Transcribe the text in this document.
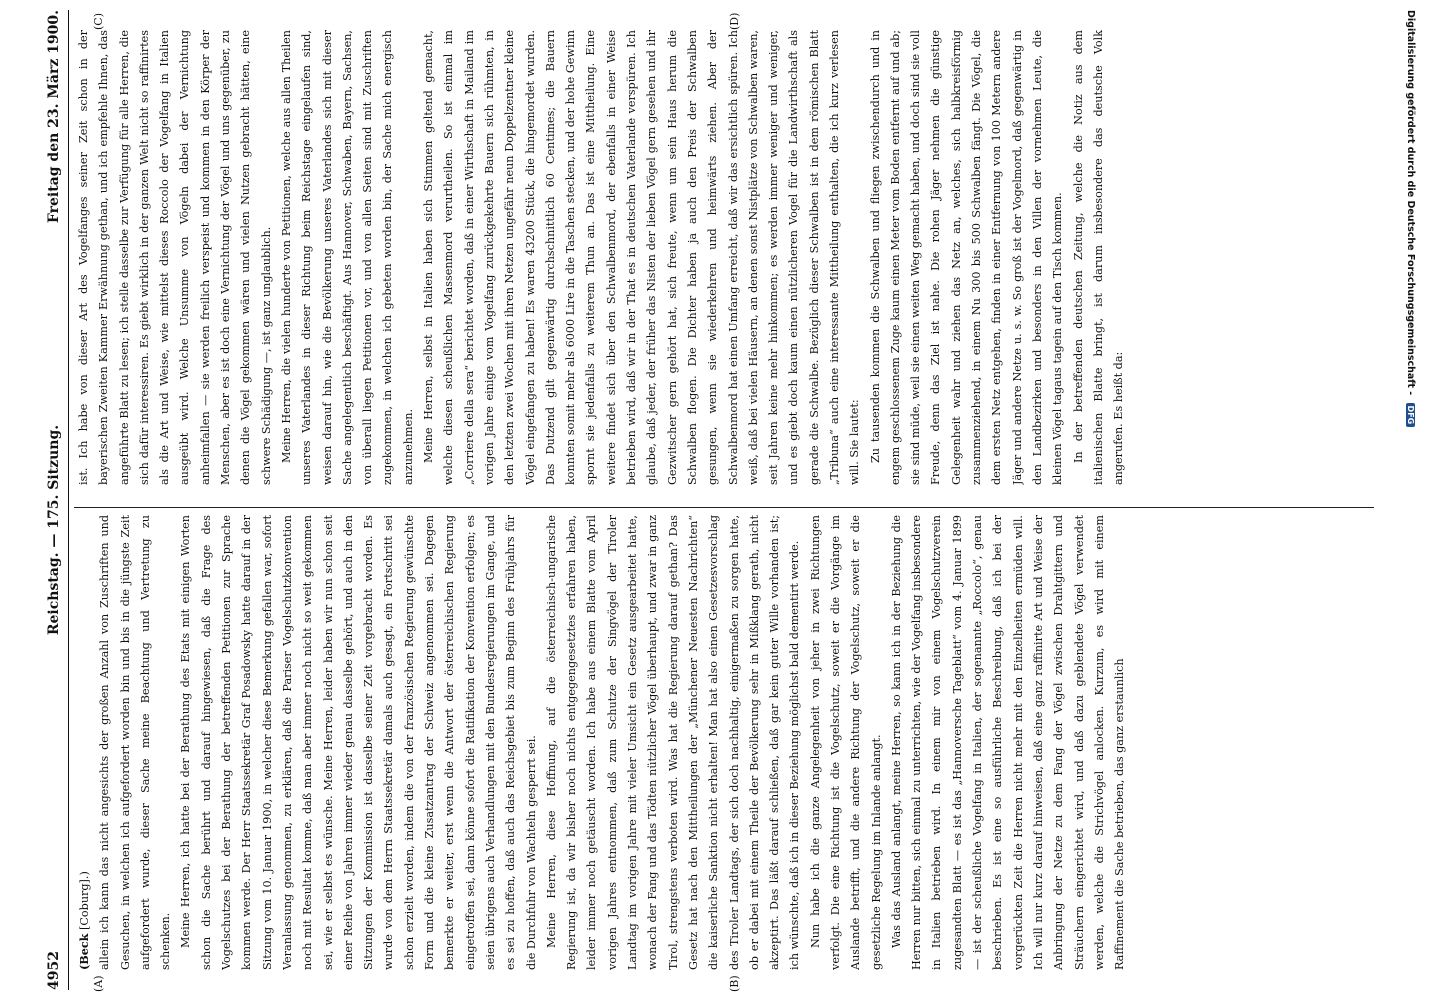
4952
Reichstag. — 175. Sitzung.
Freitag den 23. März 1900.
(A)	(B)
(C)	(D)

(Beck [Coburg].) allein ich kann das nicht angesichts der großen Anzahl von Zuschriften und Gesuchen, in welchen ich aufgefordert worden bin und bis in die jüngste Zeit aufgefordert wurde, dieser Sache meine Beachtung und Vertretung zu schenken. Meine Herren, ich hatte bei der Berathung des Etats mit einigen Worten schon die Sache berührt und darauf hingewiesen, daß die Frage des Vogelschutzes bei der Berathung der betreffenden Petitionen zur Sprache kommen werde. Der Herr Staatssekretär Graf Posadowsky hatte darauf in der Sitzung vom 10. Januar 1900, in welcher diese Bemerkung gefallen war, sofort Veranlassung genommen, zu erklären, daß die Pariser Vogelschutzkonvention noch mit Resultat komme, daß man aber immer noch nicht so weit gekommen sei, wie er selbst es wünsche. Meine Herren, leider haben wir nun schon seit einer Reihe von Jahren immer wieder genau dasselbe gehört, und auch in den Sitzungen der Kommission ist dasselbe seiner Zeit vorgebracht worden. Es wurde von dem Herrn Staatssekretär damals auch gesagt, ein Fortschritt sei schon erzielt worden, indem die von der französischen Regierung gewünschte Form und die kleine Zusatzantrag der Schweiz angenommen sei. Dagegen bemerkte er weiter, erst wenn die Antwort der österreichischen Regierung eingetroffen sei, dann könne sofort die Ratifikation der Konvention erfolgen; es seien übrigens auch Verhandlungen mit den Bundesregierungen im Gange, und es sei zu hoffen, daß auch das Reichsgebiet bis zum Beginn des Frühjahrs für die Durchfuhr von Wachteln gesperrt sei. Meine Herren, diese Hoffnung, auf die österreichisch-ungarische Regierung ist, da wir bisher noch nichts entgegengesetztes erfahren haben, leider immer noch getäuscht worden. Ich habe aus einem Blatte vom April vorigen Jahres entnommen, daß zum Schutze der Singvögel der Tiroler Landtag im vorigen Jahre mit vieler Umsicht ein Gesetz ausgearbeitet hatte, wonach der Fang und das Tödten nützlicher Vögel überhaupt, und zwar in ganz Tirol, strengstens verboten wird. Was hat die Regierung darauf gethan? Das Gesetz hat nach den Mittheilungen der „Münchener Neuesten Nachrichten“ die kaiserliche Sanktion nicht erhalten! Man hat also einen Gesetzesvorschlag des Tiroler Landtags, der sich doch nachhaltig, einigermaßen zu sorgen hatte, ob er dabei mit einem Theile der Bevölkerung sehr in Mißklang gerath, nicht akzeptirt. Das läßt darauf schließen, daß gar kein guter Wille vorhanden ist; ich wünschte, daß ich in dieser Beziehung möglichst bald dementirt werde. Nun habe ich die ganze Angelegenheit von jeher in zwei Richtungen verfolgt. Die eine Richtung ist die Vogelschutz, soweit er die Vorgänge im Auslande betrifft, und die andere Richtung der Vogelschutz, soweit er die gesetzliche Regelung im Inlande anlangt. Was das Ausland anlangt, meine Herren, so kann ich in der Beziehung die Herren nur bitten, sich einmal zu unterrichten, wie der Vogelfang insbesondere in Italien betrieben wird. In einem mir von einem Vogelschutzverein zugesandten Blatt — es ist das „Hannoversche Tageblatt“ vom 4. Januar 1899 — ist der scheußliche Vogelfang in Italien, der sogenannte „Roccolo“, genau beschrieben. Es ist eine so ausführliche Beschreibung, daß ich bei der vorgerückten Zeit die Herren nicht mehr mit den Einzelheiten ermüden will. Ich will nur kurz darauf hinweisen, daß eine ganz raffinirte Art und Weise der Anbringung der Netze zu dem Fang der Vögel zwischen Drahtgittern und Sträuchern eingerichtet wird, und daß dazu geblendete Vögel verwendet werden, welche die Strichvögel anlocken. Kurzum, es wird mit einem Raffinement die Sache betrieben, das ganz erstaunlich

ist. Ich habe von dieser Art des Vogelfanges seiner Zeit schon in der bayerischen Zweiten Kammer Erwähnung gethan, und ich empfehle Ihnen, das angeführte Blatt zu lesen; ich stelle dasselbe zur Verfügung für alle Herren, die sich dafür interessiren. Es giebt wirklich in der ganzen Welt nicht so raffinirtes als die Art und Weise, wie mittelst dieses Roccolo der Vogelfang in Italien ausgeübt wird. Welche Unsumme von Vögeln dabei der Vernichtung anheimfallen — sie werden freilich verspeist und kommen in den Körper der Menschen, aber es ist doch eine Vernichtung der Vögel und uns gegenüber, zu denen die Vögel gekommen wären und vielen Nutzen gebracht hätten, eine schwere Schädigung —, ist ganz unglaublich. Meine Herren, die vielen hunderte von Petitionen, welche aus allen Theilen unseres Vaterlandes in dieser Richtung beim Reichstage eingelaufen sind, weisen darauf hin, wie die Bevölkerung unseres Vaterlandes sich mit dieser Sache angelegentlich beschäftigt. Aus Hannover, Schwaben, Bayern, Sachsen, von überall liegen Petitionen vor, und von allen Seiten sind mit Zuschriften zugekommen, in welchen ich gebeten worden bin, der Sache mich energisch anzunehmen. Meine Herren, selbst in Italien haben sich Stimmen geltend gemacht, welche diesen scheußlichen Massenmord verurtheilen. So ist einmal im „Corriere della sera“ berichtet worden, daß in einer Wirthschaft in Mailand im vorigen Jahre einige vom Vogelfang zurückgekehrte Bauern sich rühmten, in den letzten zwei Wochen mit ihren Netzen ungefähr neun Doppelzentner kleine Vögel eingefangen zu haben! Es waren 43200 Stück, die hingemordet wurden. Das Dutzend gilt gegenwärtig durchschnittlich 60 Centimes; die Bauern konnten somit mehr als 6000 Lire in die Taschen stecken, und der hohe Gewinn spornt sie jedenfalls zu weiterem Thun an. Das ist eine Mittheilung. Eine weitere findet sich über den Schwalbenmord, der ebenfalls in einer Weise betrieben wird, daß wir in der That es in deutschen Vaterlande verspüren. Ich glaube, daß jeder, der früher das Nisten der lieben Vögel gern gesehen und ihr Gezwitscher gern gehört hat, sich freute, wenn um sein Haus herum die Schwalben flogen. Die Dichter haben ja auch den Preis der Schwalben gesungen, wenn sie wiederkehren und heimwärts ziehen. Aber der Schwalbenmord hat einen Umfang erreicht, daß wir das ersichtlich spüren. Ich weiß, daß bei vielen Häusern, an denen sonst Nistplätze von Schwalben waren, seit Jahren keine mehr hinkommen; es werden immer weniger und weniger, und es giebt doch kaum einen nützlicheren Vogel für die Landwirthschaft als gerade die Schwalbe. Bezüglich dieser Schwalben ist in dem römischen Blatt „Tribuna“ auch eine interessante Mittheilung enthalten, die ich kurz verlesen will. Sie lautet: Zu tausenden kommen die Schwalben und fliegen zwischendurch und in engem geschlossenem Zuge kaum einen Meter vom Boden entfernt auf und ab; sie sind müde, weil sie einen weiten Weg gemacht haben, und doch sind sie voll Freude, denn das Ziel ist nahe. Die rohen Jäger nehmen die günstige Gelegenheit wahr und ziehen das Netz an, welches, sich halbkreisförmig zusammenziehend, in einem Nu 300 bis 500 Schwalben fängt. Die Vögel, die dem ersten Netz entgehen, finden in einer Entfernung von 100 Metern andere Jäger und andere Netze u. s. w. So groß ist der Vogelmord, daß gegenwärtig in den Landbezirken und besonders in den Villen der vornehmen Leute, die kleinen Vögel tagaus tagein auf den Tisch kommen. In der betreffenden deutschen Zeitung, welche die Notiz aus dem italienischen Blatte bringt, ist darum insbesondere das deutsche Volk angerufen. Es heißt da:

Digitalisierung gefördert durch die Deutsche Forschungsgemeinschaft - DFG
